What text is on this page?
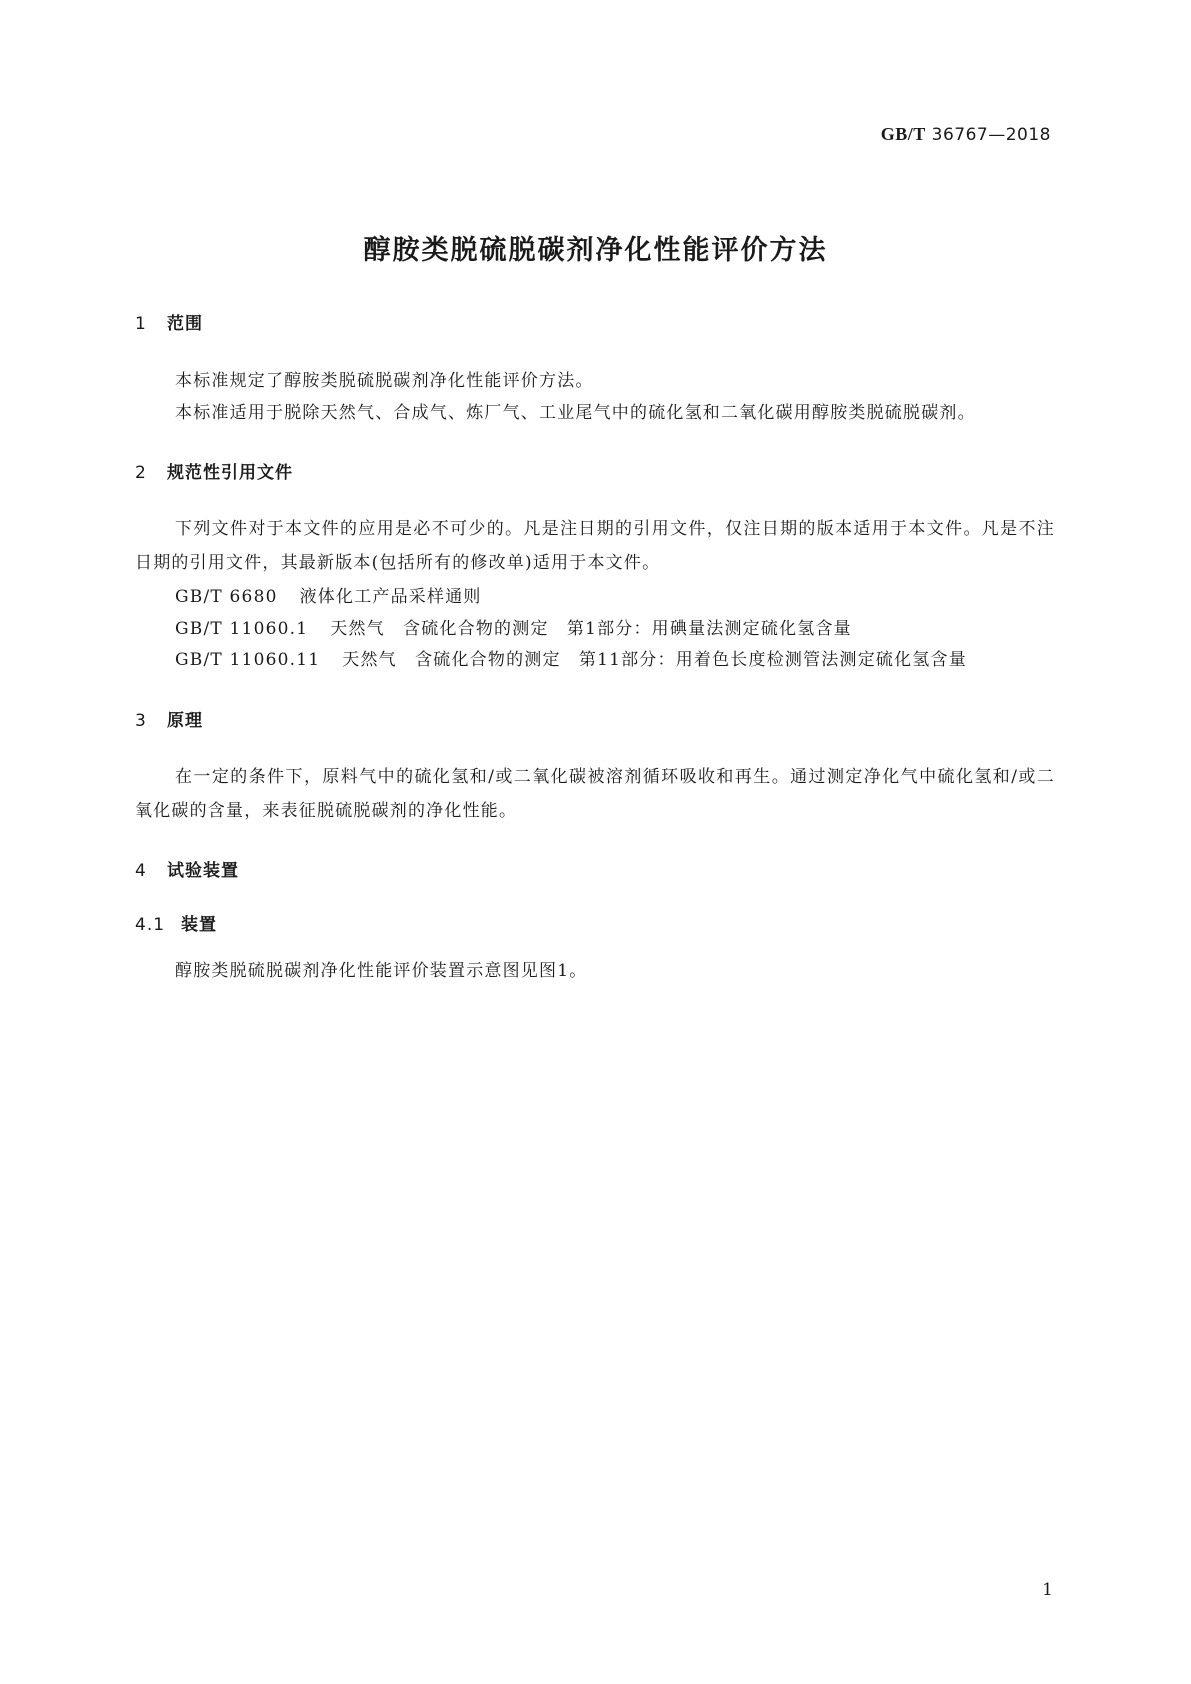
GB/T 36767—2018
醇胺类脱硫脱碳剂净化性能评价方法
1 范围
本标准规定了醇胺类脱硫脱碳剂净化性能评价方法。
本标准适用于脱除天然气、合成气、炼厂气、工业尾气中的硫化氢和二氧化碳用醇胺类脱硫脱碳剂。
2 规范性引用文件
下列文件对于本文件的应用是必不可少的。凡是注日期的引用文件，仅注日期的版本适用于本文件。凡是不注日期的引用文件，其最新版本(包括所有的修改单)适用于本文件。
GB/T 6680 液体化工产品采样通则
GB/T 11060.1 天然气　含硫化合物的测定　第1部分：用碘量法测定硫化氢含量
GB/T 11060.11 天然气　含硫化合物的测定　第11部分：用着色长度检测管法测定硫化氢含量
3 原理
在一定的条件下，原料气中的硫化氢和/或二氧化碳被溶剂循环吸收和再生。通过测定净化气中硫化氢和/或二氧化碳的含量，来表征脱硫脱碳剂的净化性能。
4 试验装置
4.1 装置
醇胺类脱硫脱碳剂净化性能评价装置示意图见图1。
1
